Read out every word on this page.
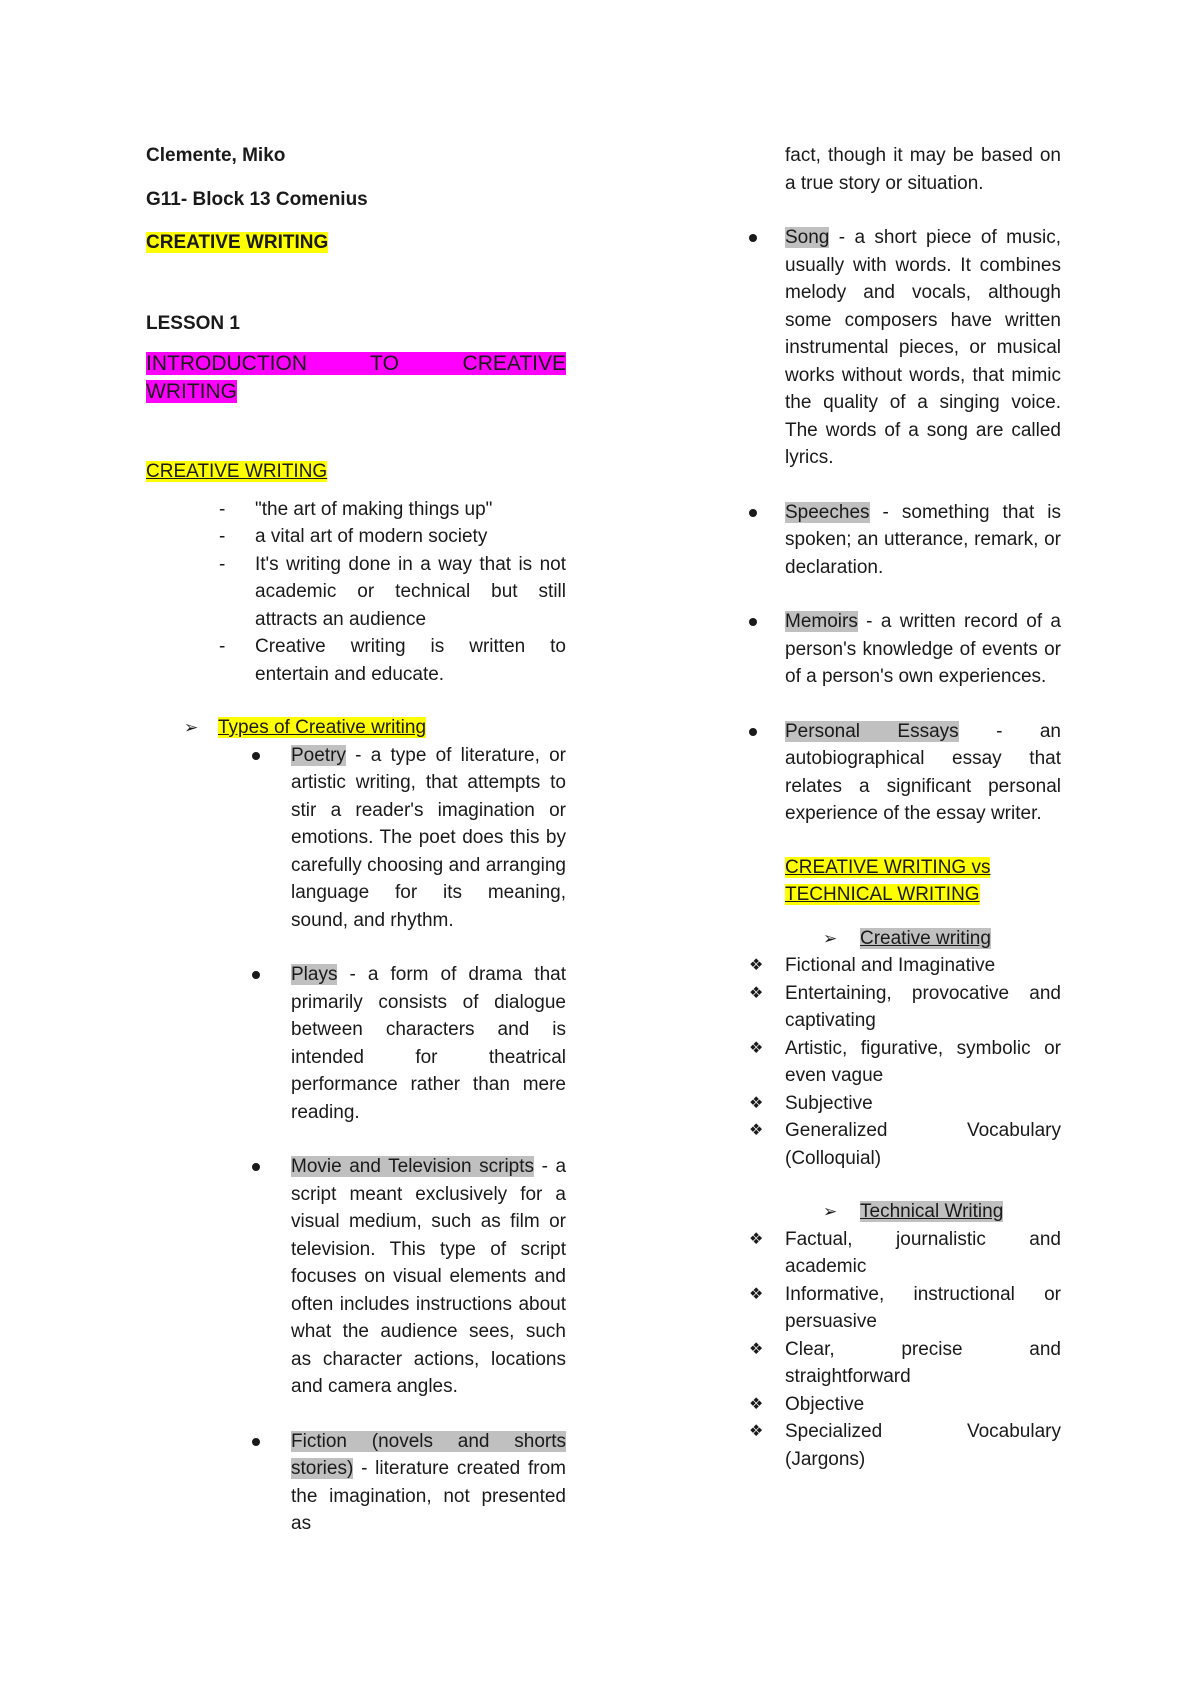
Clemente, Miko

G11- Block 13 Comenius

CREATIVE WRITING

LESSON 1

INTRODUCTION TO CREATIVE
WRITING

CREATIVE WRITING

- "the art of making things up"
- a vital art of modern society
- It's writing done in a way that is not academic or technical but still attracts an audience
- Creative writing is written to entertain and educate.

➢ Types of Creative writing

Poetry - a type of literature, or artistic writing, that attempts to stir a reader's imagination or emotions. The poet does this by carefully choosing and arranging language for its meaning, sound, and rhythm.
Plays - a form of drama that primarily consists of dialogue between characters and is intended for theatrical performance rather than mere reading.
Movie and Television scripts - a script meant exclusively for a visual medium, such as film or television. This type of script focuses on visual elements and often includes instructions about what the audience sees, such as character actions, locations and camera angles.
Fiction (novels and shorts stories) - literature created from the imagination, not presented as

fact, though it may be based on a true story or situation.

Song - a short piece of music, usually with words. It combines melody and vocals, although some composers have written instrumental pieces, or musical works without words, that mimic the quality of a singing voice. The words of a song are called lyrics.
Speeches - something that is spoken; an utterance, remark, or declaration.
Memoirs - a written record of a person's knowledge of events or of a person's own experiences.
Personal Essays - an autobiographical essay that relates a significant personal experience of the essay writer.

CREATIVE WRITING vs TECHNICAL WRITING

➢ Creative writing

❖ Fictional and Imaginative
❖ Entertaining, provocative and captivating
❖ Artistic, figurative, symbolic or even vague
❖ Subjective
❖ Generalized Vocabulary (Colloquial)

➢ Technical Writing

❖ Factual, journalistic and academic
❖ Informative, instructional or persuasive
❖ Clear, precise and straightforward
❖ Objective
❖ Specialized Vocabulary (Jargons)
